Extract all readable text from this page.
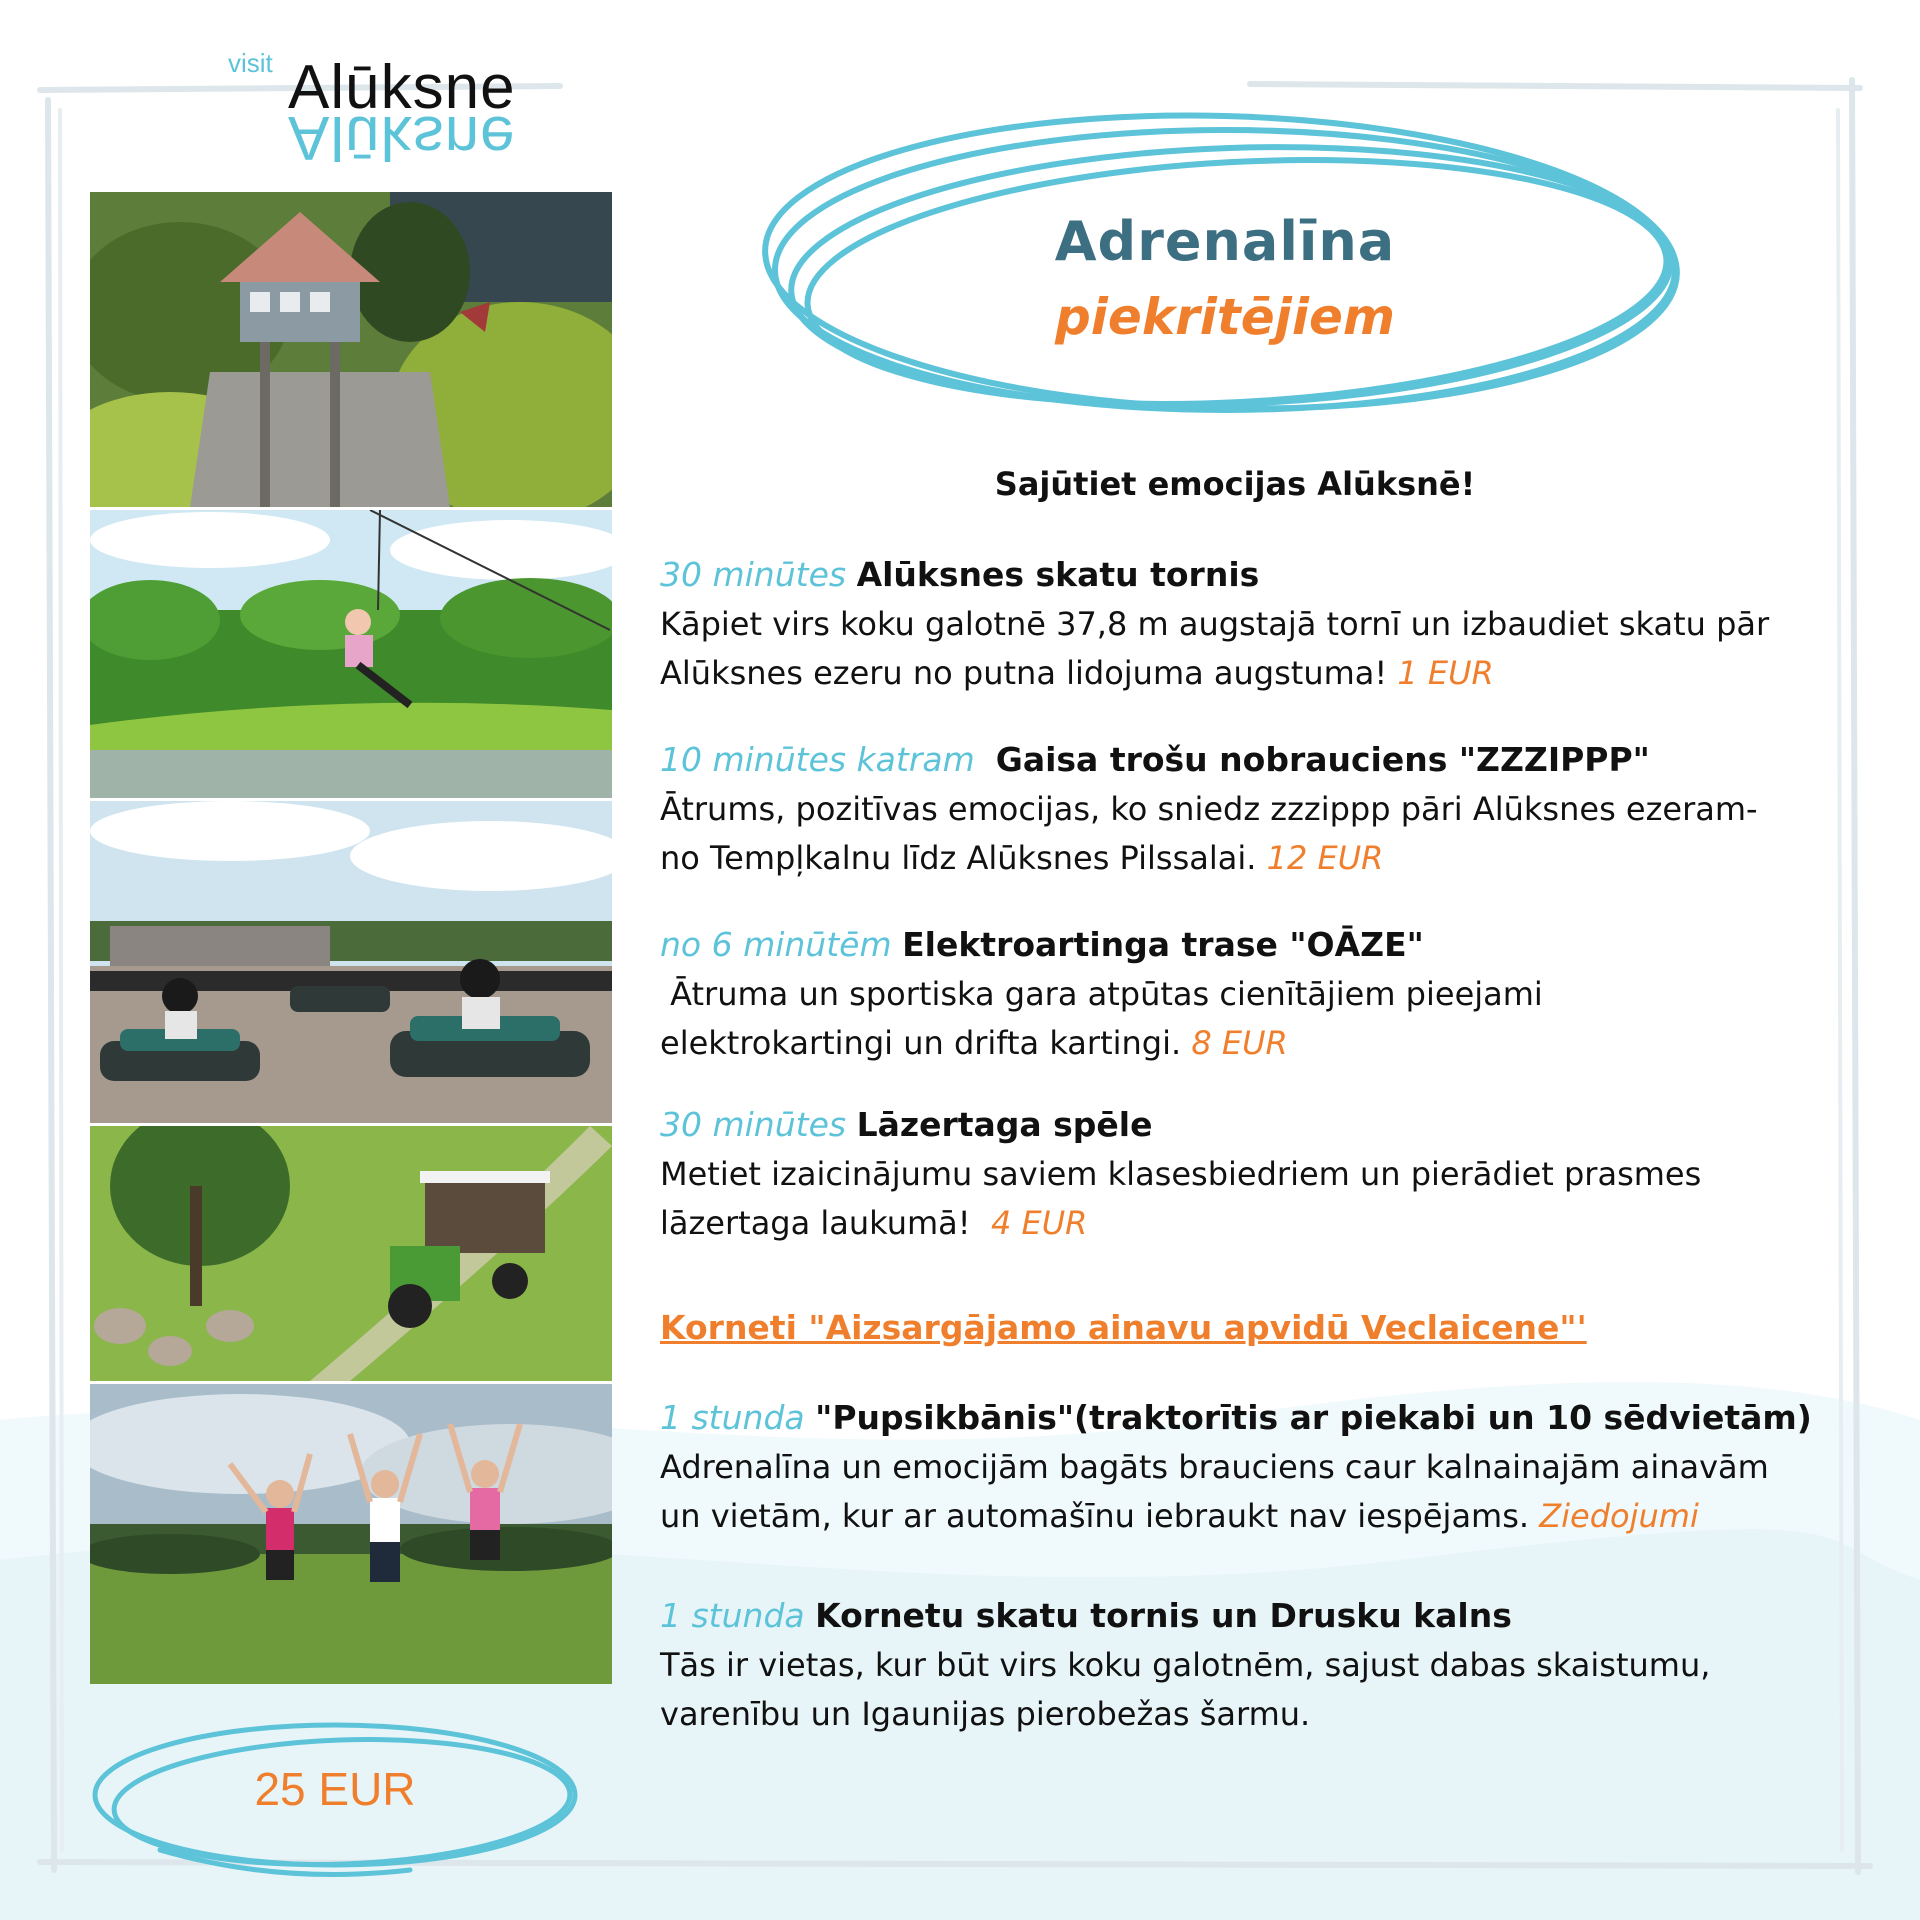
visit Alūksne
Alūksne
Adrenalīna
piekritējiem
Sajūtiet emocijas Alūksnē!
30 minūtes Alūksnes skatu tornis
Kāpiet virs koku galotnē 37,8 m augstajā tornī un izbaudiet skatu pār
Alūksnes ezeru no putna lidojuma augstuma! 1 EUR
10 minūtes katram Gaisa trošu nobrauciens "ZZZIPPP"
Ātrums, pozitīvas emocijas, ko sniedz zzzippp pāri Alūksnes ezeram-
no Tempļkalnu līdz Alūksnes Pilssalai. 12 EUR
no 6 minūtēm Elektroartinga trase "OĀZE"
Ātruma un sportiska gara atpūtas cienītājiem pieejami
elektrokartingi un drifta kartingi. 8 EUR
30 minūtes Lāzertaga spēle
Metiet izaicinājumu saviem klasesbiedriem un pierādiet prasmes
lāzertaga laukumā! 4 EUR
Korneti "Aizsargājamo ainavu apvidū Veclaicene"'
1 stunda "Pupsikbānis"(traktorītis ar piekabi un 10 sēdvietām)
Adrenalīna un emocijām bagāts brauciens caur kalnainajām ainavām
un vietām, kur ar automašīnu iebraukt nav iespējams. Ziedojumi
1 stunda Kornetu skatu tornis un Drusku kalns
Tās ir vietas, kur būt virs koku galotnēm, sajust dabas skaistumu,
varenību un Igaunijas pierobežas šarmu.
25 EUR
